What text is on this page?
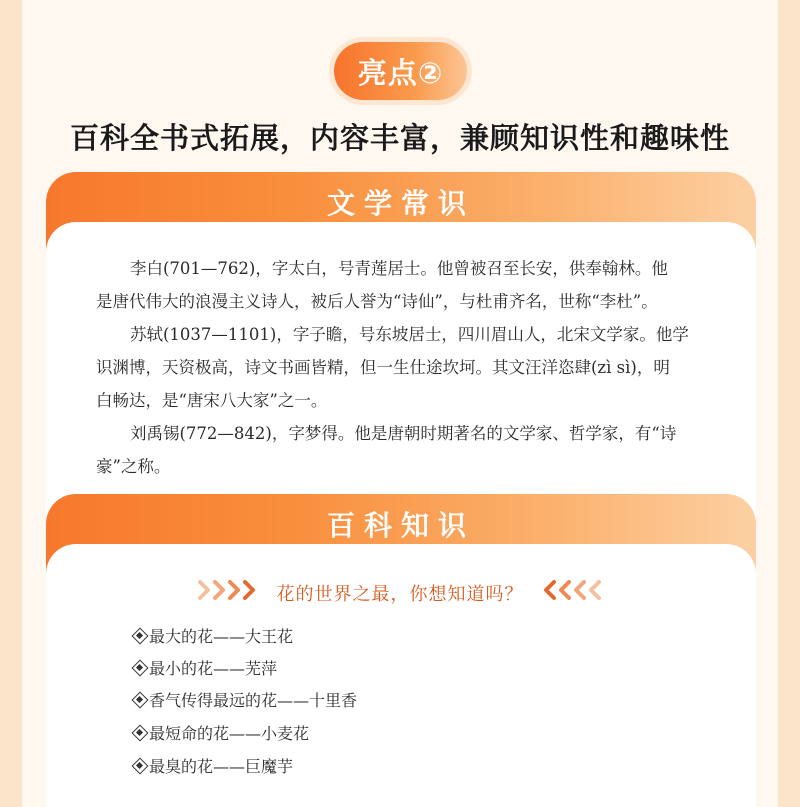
亮点②
百科全书式拓展，内容丰富，兼顾知识性和趣味性
文学常识
李白(701—762)，字太白，号青莲居士。他曾被召至长安，供奉翰林。他
是唐代伟大的浪漫主义诗人，被后人誉为“诗仙”，与杜甫齐名，世称“李杜”。
苏轼(1037—1101)，字子瞻，号东坡居士，四川眉山人，北宋文学家。他学
识渊博，天资极高，诗文书画皆精，但一生仕途坎坷。其文汪洋恣肆(zì sì)，明
白畅达，是“唐宋八大家”之一。
刘禹锡(772—842)，字梦得。他是唐朝时期著名的文学家、哲学家，有“诗
豪”之称。
百科知识
花的世界之最，你想知道吗？
最大的花——大王花
最小的花——芜萍
香气传得最远的花——十里香
最短命的花——小麦花
最臭的花——巨魔芋
